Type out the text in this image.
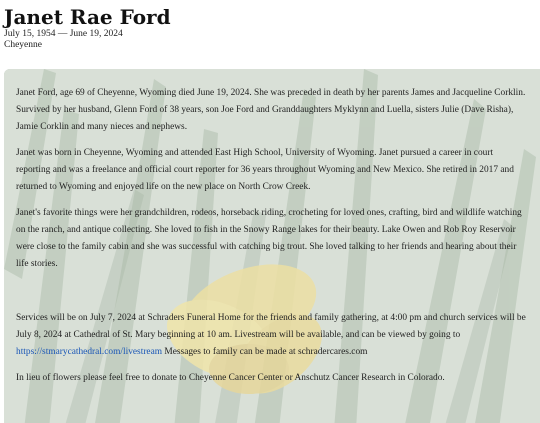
Janet Rae Ford
July 15, 1954 — June 19, 2024
Cheyenne

Janet Ford, age 69 of Cheyenne, Wyoming died June 19, 2024. She was preceded in death by her parents James and Jacqueline Corklin. Survived by her husband, Glenn Ford of 38 years, son Joe Ford and Granddaughters Myklynn and Luella, sisters Julie (Dave Risha), Jamie Corklin and many nieces and nephews.

Janet was born in Cheyenne, Wyoming and attended East High School, University of Wyoming. Janet pursued a career in court reporting and was a freelance and official court reporter for 36 years throughout Wyoming and New Mexico. She retired in 2017 and returned to Wyoming and enjoyed life on the new place on North Crow Creek.

Janet's favorite things were her grandchildren, rodeos, horseback riding, crocheting for loved ones, crafting, bird and wildlife watching on the ranch, and antique collecting. She loved to fish in the Snowy Range lakes for their beauty. Lake Owen and Rob Roy Reservoir were close to the family cabin and she was successful with catching big trout. She loved talking to her friends and hearing about their life stories.

Services will be on July 7, 2024 at Schraders Funeral Home for the friends and family gathering, at 4:00 pm and church services will be July 8, 2024 at Cathedral of St. Mary beginning at 10 am. Livestream will be available, and can be viewed by going to https://stmarycathedral.com/livestream Messages to family can be made at schradercares.com

In lieu of flowers please feel free to donate to Cheyenne Cancer Center or Anschutz Cancer Research in Colorado.
